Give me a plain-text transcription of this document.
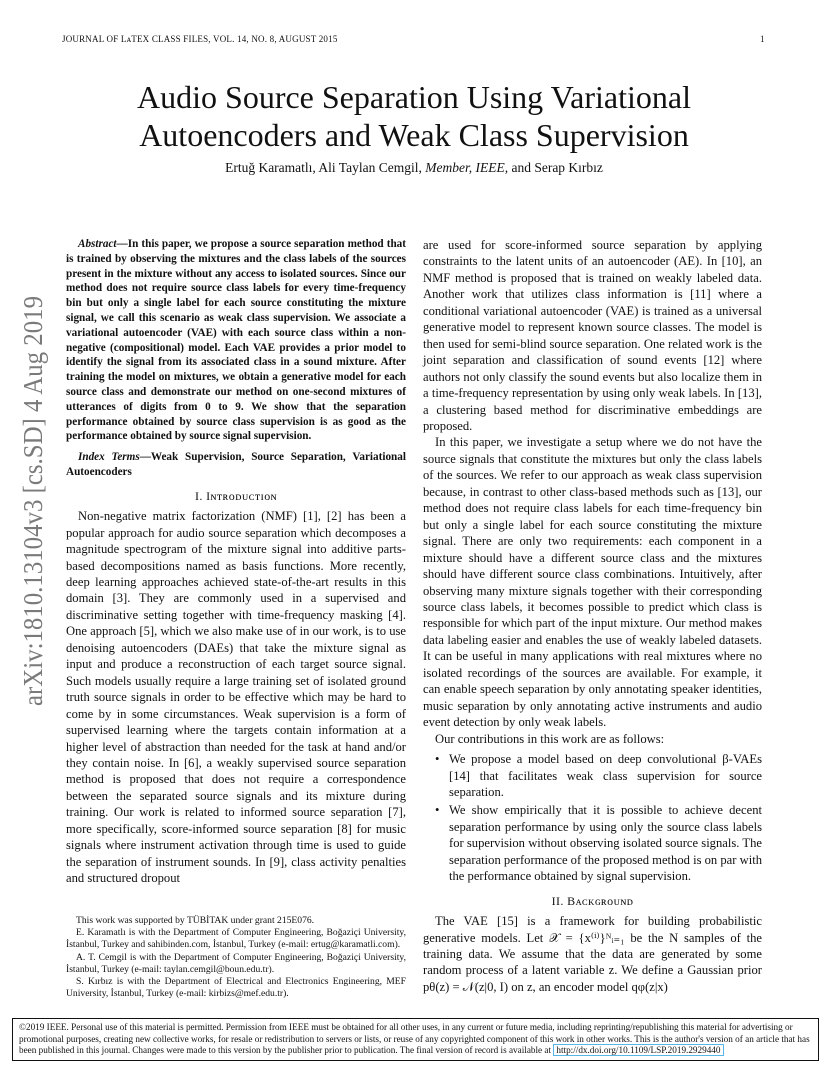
JOURNAL OF LᴀTEX CLASS FILES, VOL. 14, NO. 8, AUGUST 2015	1
arXiv:1810.13104v3 [cs.SD] 4 Aug 2019
Audio Source Separation Using Variational
Autoencoders and Weak Class Supervision
Ertuğ Karamatlı, Ali Taylan Cemgil, Member, IEEE, and Serap Kırbız

Abstract—In this paper, we propose a source separation method that is trained by observing the mixtures and the class labels of the sources present in the mixture without any access to isolated sources. Since our method does not require source class labels for every time-frequency bin but only a single label for each source constituting the mixture signal, we call this scenario as weak class supervision. We associate a variational autoencoder (VAE) with each source class within a non-negative (compositional) model. Each VAE provides a prior model to identify the signal from its associated class in a sound mixture. After training the model on mixtures, we obtain a generative model for each source class and demonstrate our method on one-second mixtures of utterances of digits from 0 to 9. We show that the separation performance obtained by source class supervision is as good as the performance obtained by source signal supervision.

Index Terms—Weak Supervision, Source Separation, Variational Autoencoders

I. Iɴᴛʀᴏᴅᴜᴄᴛɪᴏɴ

Non-negative matrix factorization (NMF) [1], [2] has been a popular approach for audio source separation which decomposes a magnitude spectrogram of the mixture signal into additive parts-based decompositions named as basis functions. More recently, deep learning approaches achieved state-of-the-art results in this domain [3]. They are commonly used in a supervised and discriminative setting together with time-frequency masking [4]. One approach [5], which we also make use of in our work, is to use denoising autoencoders (DAEs) that take the mixture signal as input and produce a reconstruction of each target source signal. Such models usually require a large training set of isolated ground truth source signals in order to be effective which may be hard to come by in some circumstances. Weak supervision is a form of supervised learning where the targets contain information at a higher level of abstraction than needed for the task at hand and/or they contain noise. In [6], a weakly supervised source separation method is proposed that does not require a correspondence between the separated source signals and its mixture during training. Our work is related to informed source separation [7], more specifically, score-informed source separation [8] for music signals where instrument activation through time is used to guide the separation of instrument sounds. In [9], class activity penalties and structured dropout

are used for score-informed source separation by applying constraints to the latent units of an autoencoder (AE). In [10], an NMF method is proposed that is trained on weakly labeled data. Another work that utilizes class information is [11] where a conditional variational autoencoder (VAE) is trained as a universal generative model to represent known source classes. The model is then used for semi-blind source separation. One related work is the joint separation and classification of sound events [12] where authors not only classify the sound events but also localize them in a time-frequency representation by using only weak labels. In [13], a clustering based method for discriminative embeddings are proposed.

In this paper, we investigate a setup where we do not have the source signals that constitute the mixtures but only the class labels of the sources. We refer to our approach as weak class supervision because, in contrast to other class-based methods such as [13], our method does not require class labels for each time-frequency bin but only a single label for each source constituting the mixture signal. There are only two requirements: each component in a mixture should have a different source class and the mixtures should have different source class combinations. Intuitively, after observing many mixture signals together with their corresponding source class labels, it becomes possible to predict which class is responsible for which part of the input mixture. Our method makes data labeling easier and enables the use of weakly labeled datasets. It can be useful in many applications with real mixtures where no isolated recordings of the sources are available. For example, it can enable speech separation by only annotating speaker identities, music separation by only annotating active instruments and audio event detection by only weak labels.

Our contributions in this work are as follows:

• We propose a model based on deep convolutional β-VAEs [14] that facilitates weak class supervision for source separation.
• We show empirically that it is possible to achieve decent separation performance by using only the source class labels for supervision without observing isolated source signals. The separation performance of the proposed method is on par with the performance obtained by signal supervision.
II. Bᴀᴄᴋɢʀᴏᴜɴᴅ

The VAE [15] is a framework for building probabilistic generative models. Let 𝒳 = {x⁽ⁱ⁾}ᴺᵢ₌₁ be the N samples of the training data. We assume that the data are generated by some random process of a latent variable z. We define a Gaussian prior pθ(z) = 𝒩(z|0, I) on z, an encoder model qφ(z|x)

This work was supported by TÜBİTAK under grant 215E076.

E. Karamatlı is with the Department of Computer Engineering, Boğaziçi University, İstanbul, Turkey and sahibinden.com, İstanbul, Turkey (e-mail: ertug@karamatli.com).

A. T. Cemgil is with the Department of Computer Engineering, Boğaziçi University, İstanbul, Turkey (e-mail: taylan.cemgil@boun.edu.tr).

S. Kırbız is with the Department of Electrical and Electronics Engineering, MEF University, İstanbul, Turkey (e-mail: kirbizs@mef.edu.tr).

©2019 IEEE. Personal use of this material is permitted. Permission from IEEE must be obtained for all other uses, in any current or future media, including reprinting/republishing this material for advertising or promotional purposes, creating new collective works, for resale or redistribution to servers or lists, or reuse of any copyrighted component of this work in other works. This is the author's version of an article that has been published in this journal. Changes were made to this version by the publisher prior to publication. The final version of record is available at http://dx.doi.org/10.1109/LSP.2019.2929440
